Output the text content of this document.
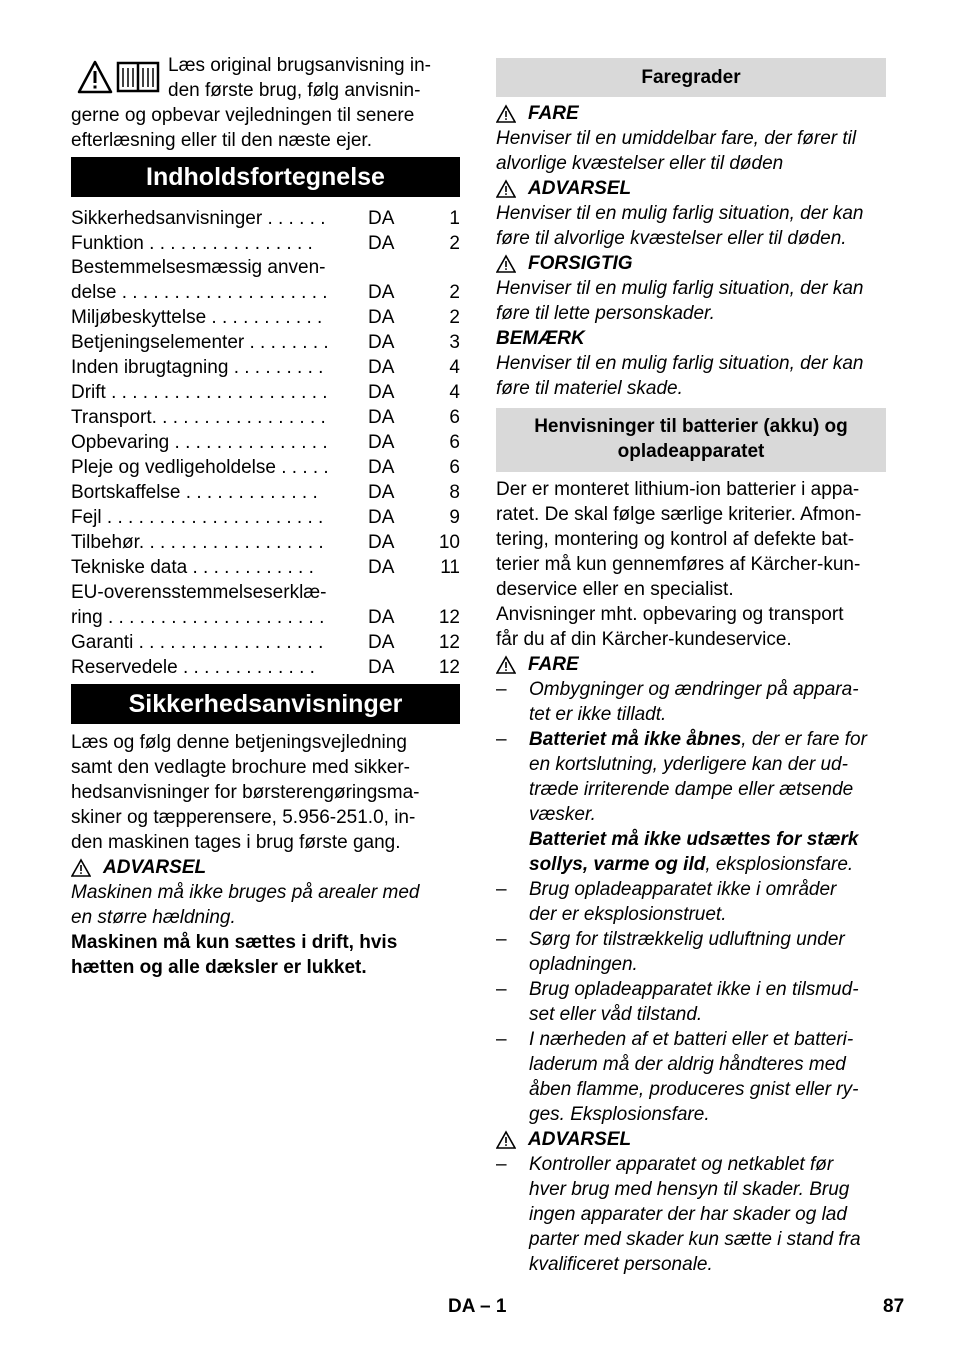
Læs original brugsanvisning in-

den første brug, følg anvisnin-

gerne og opbevar vejledningen til senere

efterlæsning eller til den næste ejer.

Indholdsfortegnelse
Sikkerhedsanvisninger . . . . . .	DA	1
Funktion . . . . . . . . . . . . . . . .	DA	2
Bestemmelsesmæssig anven-
delse . . . . . . . . . . . . . . . . . . . .	DA	2
Miljøbeskyttelse . . . . . . . . . . .	DA	2
Betjeningselementer . . . . . . . .	DA	3
Inden ibrugtagning . . . . . . . . .	DA	4
Drift . . . . . . . . . . . . . . . . . . . . .	DA	4
Transport. . . . . . . . . . . . . . . . .	DA	6
Opbevaring . . . . . . . . . . . . . . .	DA	6
Pleje og vedligeholdelse . . . . .	DA	6
Bortskaffelse . . . . . . . . . . . . .	DA	8
Fejl . . . . . . . . . . . . . . . . . . . . .	DA	9
Tilbehør. . . . . . . . . . . . . . . . . .	DA	10
Tekniske data . . . . . . . . . . . .	DA	11
EU-overensstemmelseserklæ-
ring . . . . . . . . . . . . . . . . . . . . .	DA	12
Garanti . . . . . . . . . . . . . . . . . .	DA	12
Reservedele . . . . . . . . . . . . .	DA	12
Sikkerhedsanvisninger

Læs og følg denne betjeningsvejledning

samt den vedlagte brochure med sikker-

hedsanvisninger for børsterengøringsma-

skiner og tæpperensere, 5.956-251.0, in-

den maskinen tages i brug første gang.

ADVARSEL

Maskinen må ikke bruges på arealer med

en større hældning.

Maskinen må kun sættes i drift, hvis

hætten og alle dæksler er lukket.

Faregrader
FARE

Henviser til en umiddelbar fare, der fører til

alvorlige kvæstelser eller til døden

ADVARSEL

Henviser til en mulig farlig situation, der kan

føre til alvorlige kvæstelser eller til døden.

FORSIGTIG

Henviser til en mulig farlig situation, der kan

føre til lette personskader.

BEMÆRK

Henviser til en mulig farlig situation, der kan

føre til materiel skade.

Henvisninger til batterier (akku) og
opladeapparatet

Der er monteret lithium-ion batterier i appa-

ratet. De skal følge særlige kriterier. Afmon-

tering, montering og kontrol af defekte bat-

terier må kun gennemføres af Kärcher-kun-

deservice eller en specialist.

Anvisninger mht. opbevaring og transport

får du af din Kärcher-kundeservice.

FARE
–	Ombygninger og ændringer på appara-
tet er ikke tilladt.
–	Batteriet må ikke åbnes, der er fare for
en kortslutning, yderligere kan der ud-
træde irriterende dampe eller ætsende
væsker.
Batteriet må ikke udsættes for stærk
sollys, varme og ild, eksplosionsfare.
–	Brug opladeapparatet ikke i områder
der er eksplosionstruet.
–	Sørg for tilstrækkelig udluftning under
opladningen.
–	Brug opladeapparatet ikke i en tilsmud-
set eller våd tilstand.
–	I nærheden af et batteri eller et batteri-
laderum må der aldrig håndteres med
åben flamme, produceres gnist eller ry-
ges. Eksplosionsfare.
ADVARSEL
–	Kontroller apparatet og netkablet før
hver brug med hensyn til skader. Brug
ingen apparater der har skader og lad
parter med skader kun sætte i stand fra
kvalificeret personale.
DA – 1	87
